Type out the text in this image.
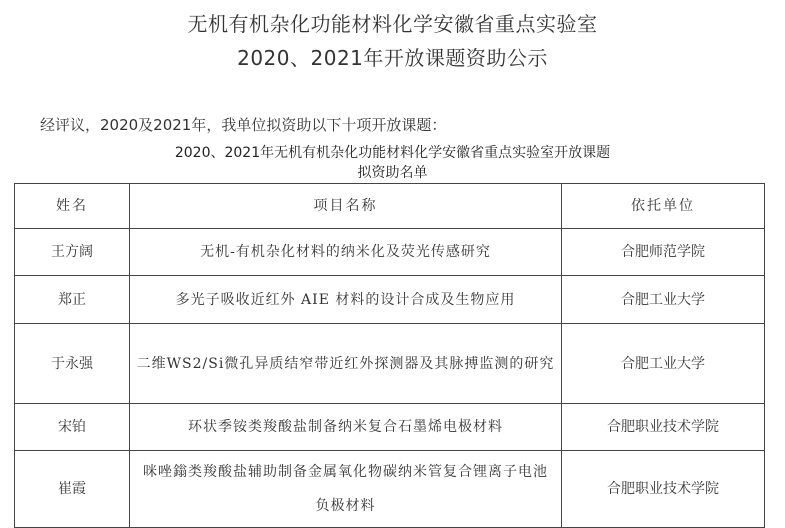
无机有机杂化功能材料化学安徽省重点实验室
2020、2021年开放课题资助公示
经评议，2020及2021年，我单位拟资助以下十项开放课题：
2020、2021年无机有机杂化功能材料化学安徽省重点实验室开放课题
拟资助名单
姓名	项目名称	依托单位
王方阔	无机-有机杂化材料的纳米化及荧光传感研究	合肥师范学院
郑正	多光子吸收近红外 AIE 材料的设计合成及生物应用	合肥工业大学
于永强	二维WS2/Si微孔异质结窄带近红外探测器及其脉搏监测的研究	合肥工业大学
宋铂	环状季铵类羧酸盐制备纳米复合石墨烯电极材料	合肥职业技术学院
崔霞	咪唑鎓类羧酸盐辅助制备金属氧化物碳纳米管复合锂离子电池负极材料	合肥职业技术学院
